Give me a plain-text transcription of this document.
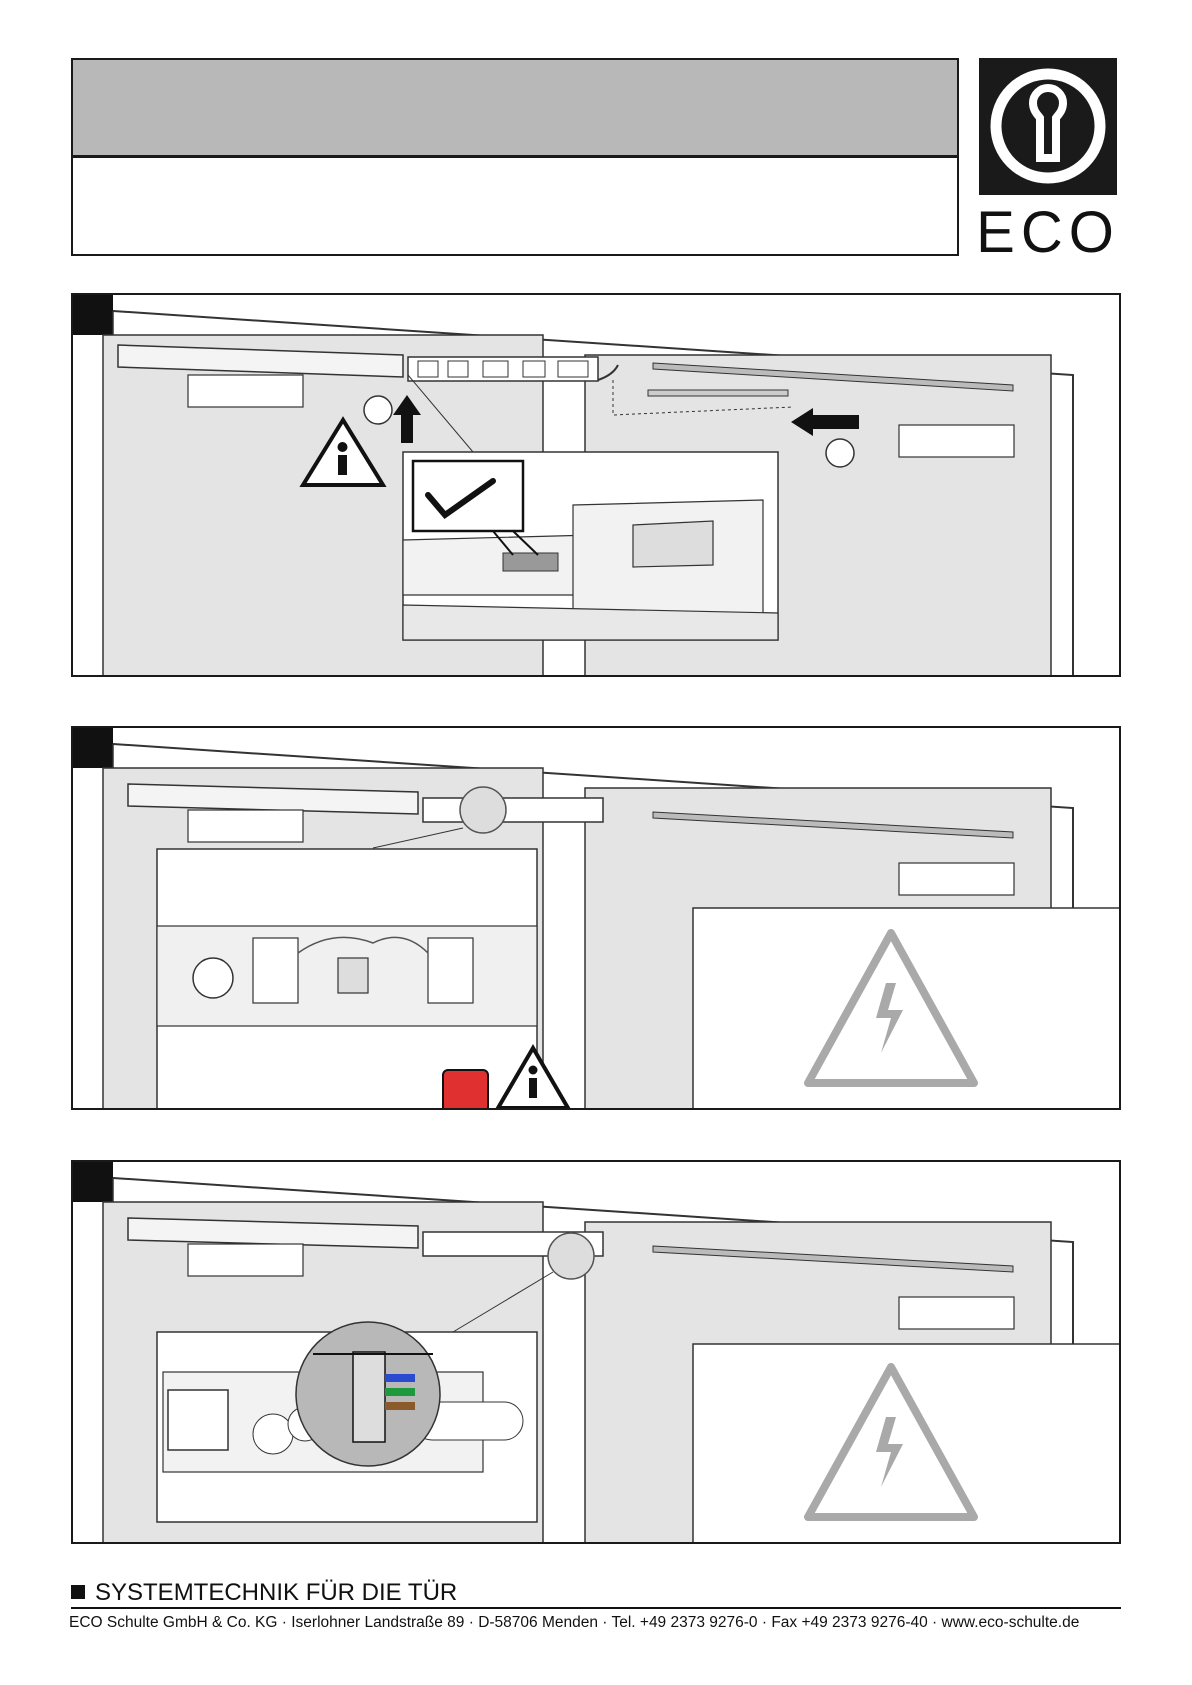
ECO
SYSTEMTECHNIK FÜR DIE TÜR
ECO Schulte GmbH & Co. KG · Iserlohner Landstraße 89 · D-58706 Menden · Tel. +49 2373 9276-0 · Fax +49 2373 9276-40 · www.eco-schulte.de
